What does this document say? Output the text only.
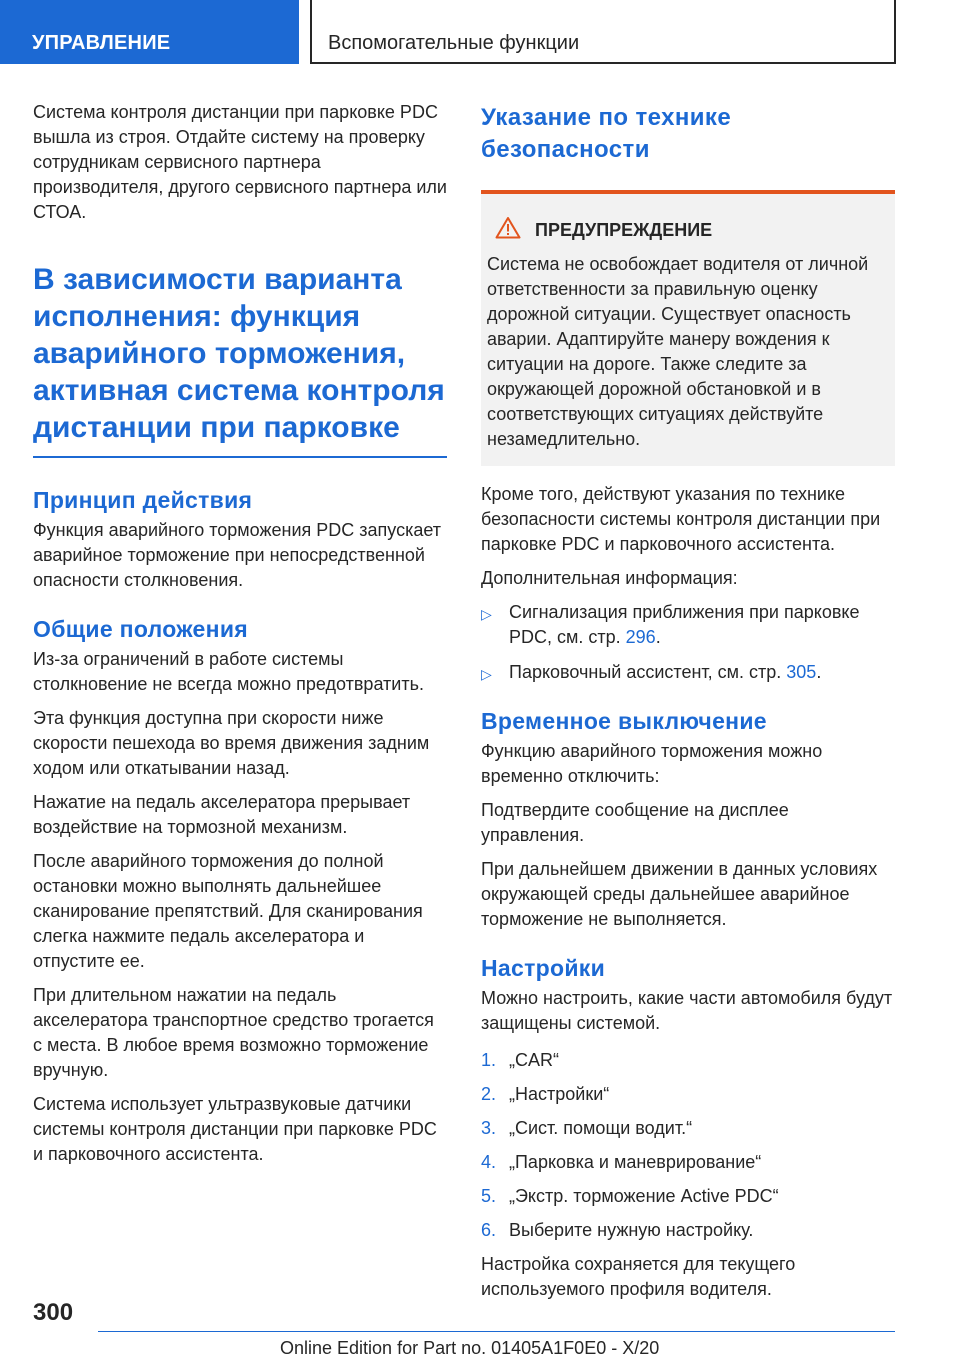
УПРАВЛЕНИЕ	Вспомогательные функции

Система контроля дистанции при парковке PDC вышла из строя. Отдайте систему на проверку сотрудникам сервисного партнера производителя, другого сервисного партнера или СТОА.

В зависимости варианта исполнения: функция аварийного торможения, активная система контроля дистанции при парковке
Принцип действия

Функция аварийного торможения PDC запускает аварийное торможение при непосредственной опасности столкновения.

Общие положения

Из-за ограничений в работе системы столкновение не всегда можно предотвратить.

Эта функция доступна при скорости ниже скорости пешехода во время движения задним ходом или откатывании назад.

Нажатие на педаль акселератора прерывает воздействие на тормозной механизм.

После аварийного торможения до полной остановки можно выполнять дальнейшее сканирование препятствий. Для сканирования слегка нажмите педаль акселератора и отпустите ее.

При длительном нажатии на педаль акселератора транспортное средство трогается с места. В любое время возможно торможение вручную.

Система использует ультразвуковые датчики системы контроля дистанции при парковке PDC и парковочного ассистента.

Указание по технике безопасности
ПРЕДУПРЕЖДЕНИЕ

Система не освобождает водителя от личной ответственности за правильную оценку дорожной ситуации. Существует опасность аварии. Адаптируйте манеру вождения к ситуации на дороге. Также следите за окружающей дорожной обстановкой и в соответствующих ситуациях действуйте незамедлительно.

Кроме того, действуют указания по технике безопасности системы контроля дистанции при парковке PDC и парковочного ассистента.

Дополнительная информация:

▷ Сигнализация приближения при парковке PDC, см. стр. 296.
▷ Парковочный ассистент, см. стр. 305.
Временное выключение

Функцию аварийного торможения можно временно отключить:

Подтвердите сообщение на дисплее управления.

При дальнейшем движении в данных условиях окружающей среды дальнейшее аварийное торможение не выполняется.

Настройки

Можно настроить, какие части автомобиля будут защищены системой.

1. „CAR“
2. „Настройки“
3. „Сист. помощи водит.“
4. „Парковка и маневрирование“
5. „Экстр. торможение Active PDC“
6. Выберите нужную настройку.

Настройка сохраняется для текущего используемого профиля водителя.

300
Online Edition for Part no. 01405A1F0E0 - X/20
